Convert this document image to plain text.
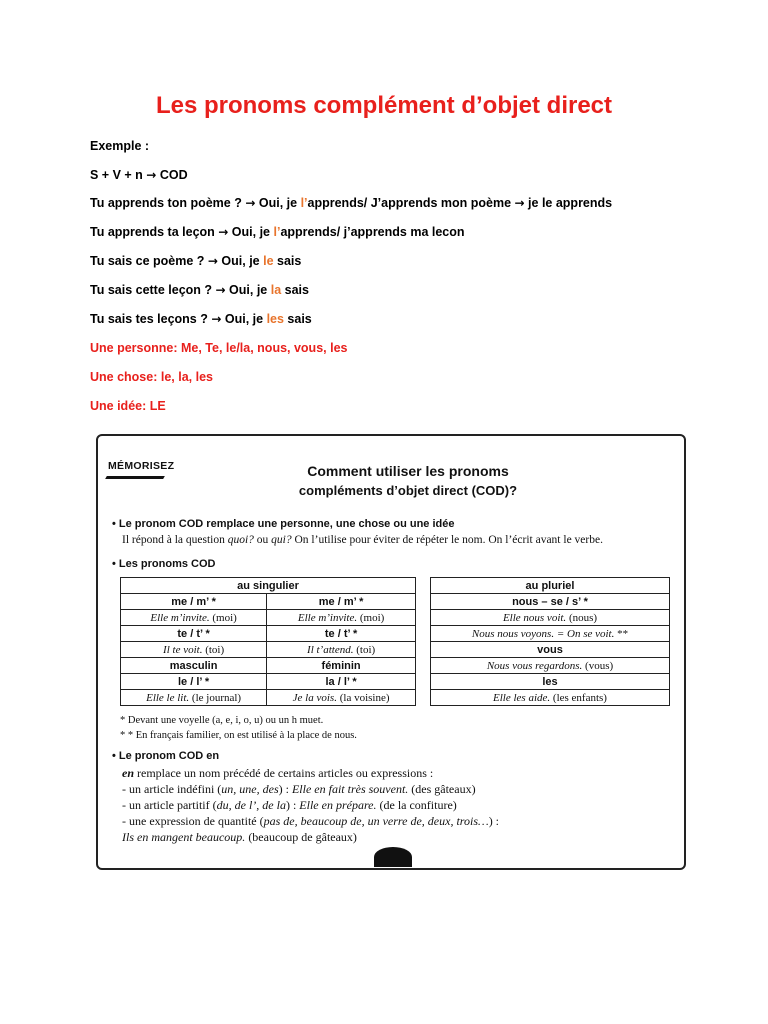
Les pronoms complément d’objet direct
Exemple :
S + V + n → COD
Tu apprends ton poème ? → Oui, je l’apprends/ J’apprends mon poème → je le apprends
Tu apprends ta leçon → Oui, je l’apprends/ j’apprends ma lecon
Tu sais ce poème ? → Oui, je le sais
Tu sais cette leçon ? → Oui, je la sais
Tu sais tes leçons ? → Oui, je les sais
Une personne: Me, Te, le/la, nous, vous, les
Une chose: le, la, les
Une idée: LE
MÉMORISEZ	Comment utiliser les pronoms
compléments d’objet direct (COD)?
• Le pronom COD remplace une personne, une chose ou une idée
Il répond à la question quoi? ou qui? On l’utilise pour éviter de répéter le nom. On l’écrit avant le verbe.
• Les pronoms COD
au singulier	
me / m’ *	me / m’ *
Elle m’invite. (moi)	Elle m’invite. (moi)
te / t’ *	te / t’ *
Il te voit. (toi)	Il t’attend. (toi)
masculin	féminin
le / l’ *	la / l’ *
Elle le lit. (le journal)	Je la vois. (la voisine)
au pluriel
nous – se / s’ *
Elle nous voit. (nous)
Nous nous voyons. = On se voit. **
vous
Nous vous regardons. (vous)
les
Elle les aide. (les enfants)
* Devant une voyelle (a, e, i, o, u) ou un h muet.
* * En français familier, on est utilisé à la place de nous.
• Le pronom COD en
en remplace un nom précédé de certains articles ou expressions :
- un article indéfini (un, une, des) : Elle en fait très souvent. (des gâteaux)
- un article partitif (du, de l’, de la) : Elle en prépare. (de la confiture)
- une expression de quantité (pas de, beaucoup de, un verre de, deux, trois…) :
Ils en mangent beaucoup. (beaucoup de gâteaux)
